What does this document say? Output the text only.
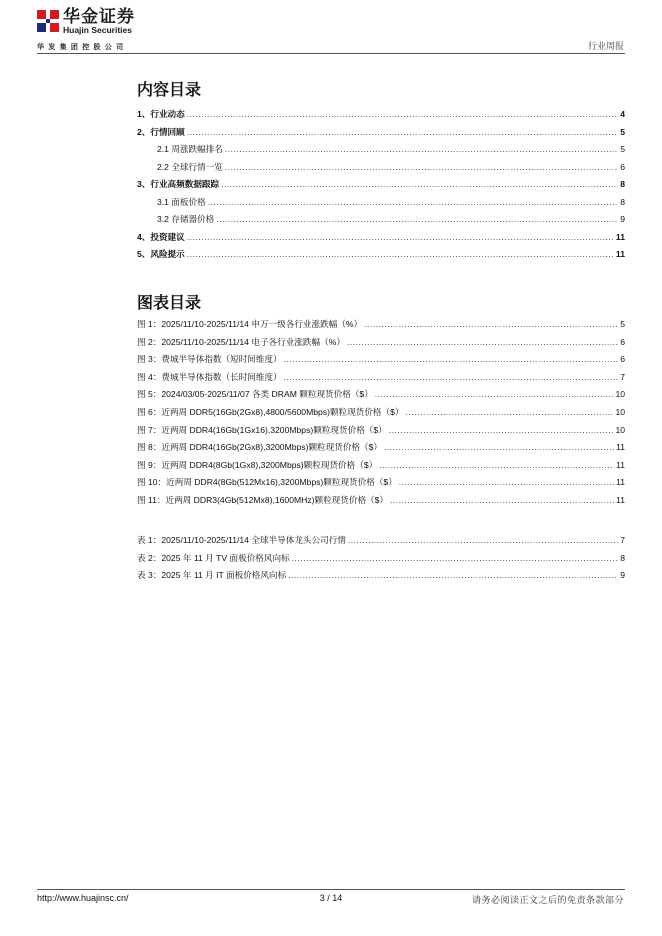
华金证券
Huajin Securities
华发集团控股公司	行业周报
内容目录
1、行业动态 .....	4
2、行情回顾 .....	5
2.1 周涨跌幅排名 .....	5
2.2 全球行情一览 .....	6
3、行业高频数据跟踪 .....	8
3.1 面板价格 .....	8
3.2 存储器价格 .....	9
4、投资建议 .....	11
5、风险提示 .....	11
图表目录
图 1：2025/11/10-2025/11/14 申万一级各行业涨跌幅（%） .....	5
图 2：2025/11/10-2025/11/14 电子各行业涨跌幅（%） .....	6
图 3：费城半导体指数（短时间维度） .....	6
图 4：费城半导体指数（长时间维度） .....	7
图 5：2024/03/05-2025/11/07 各类 DRAM 颗粒现货价格（$） .....	10
图 6：近两周 DDR5(16Gb(2Gx8),4800/5600Mbps)颗粒现货价格（$） .....	10
图 7：近两周 DDR4(16Gb(1Gx16),3200Mbps)颗粒现货价格（$） .....	10
图 8：近两周 DDR4(16Gb(2Gx8),3200Mbps)颗粒现货价格（$） .....	11
图 9：近两周 DDR4(8Gb(1Gx8),3200Mbps)颗粒现货价格（$） .....	11
图 10：近两周 DDR4(8Gb(512Mx16),3200Mbps)颗粒现货价格（$） .....	11
图 11：近两周 DDR3(4Gb(512Mx8),1600MHz)颗粒现货价格（$） .....	11
表 1：2025/11/10-2025/11/14 全球半导体龙头公司行情 .....	7
表 2：2025 年 11 月 TV 面板价格风向标 .....	8
表 3：2025 年 11 月 IT 面板价格风向标 .....	9
http://www.huajinsc.cn/	3 / 14	请务必阅读正文之后的免责条款部分
